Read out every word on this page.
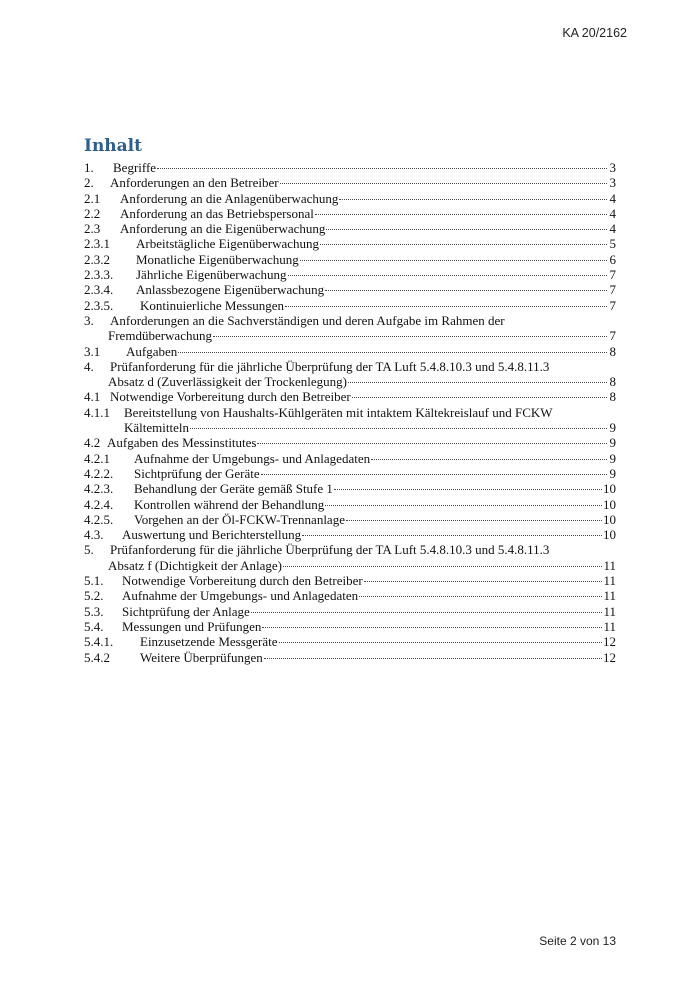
KA 20/2162
Inhalt
1.	Begriffe	3
2.	Anforderungen an den Betreiber	3
2.1	Anforderung an die Anlagenüberwachung	4
2.2	Anforderung an das Betriebspersonal	4
2.3	Anforderung an die Eigenüberwachung	4
2.3.1	Arbeitstägliche Eigenüberwachung	5
2.3.2	Monatliche Eigenüberwachung	6
2.3.3.	Jährliche Eigenüberwachung	7
2.3.4.	Anlassbezogene Eigenüberwachung	7
2.3.5.	Kontinuierliche Messungen	7
3. Anforderungen an die Sachverständigen und deren Aufgabe im Rahmen der
Fremdüberwachung	7
3.1	Aufgaben	8
4. Prüfanforderung für die jährliche Überprüfung der TA Luft 5.4.8.10.3 und 5.4.8.11.3
Absatz d (Zuverlässigkeit der Trockenlegung)	8
4.1 Notwendige Vorbereitung durch den Betreiber	8
4.1.1 Bereitstellung von Haushalts-Kühlgeräten mit intaktem Kältekreislauf und FCKW
Kältemitteln	9
4.2 Aufgaben des Messinstitutes	9
4.2.1	Aufnahme der Umgebungs- und Anlagedaten	9
4.2.2.	Sichtprüfung der Geräte	9
4.2.3.	Behandlung der Geräte gemäß Stufe 1	10
4.2.4.	Kontrollen während der Behandlung	10
4.2.5.	Vorgehen an der Öl-FCKW-Trennanlage	10
4.3.	Auswertung und Berichterstellung	10
5. Prüfanforderung für die jährliche Überprüfung der TA Luft 5.4.8.10.3 und 5.4.8.11.3
Absatz f (Dichtigkeit der Anlage)	11
5.1.	Notwendige Vorbereitung durch den Betreiber	11
5.2.	Aufnahme der Umgebungs- und Anlagedaten	11
5.3.	Sichtprüfung der Anlage	11
5.4.	Messungen und Prüfungen	11
5.4.1.	Einzusetzende Messgeräte	12
5.4.2	Weitere Überprüfungen	12
Seite 2 von 13
